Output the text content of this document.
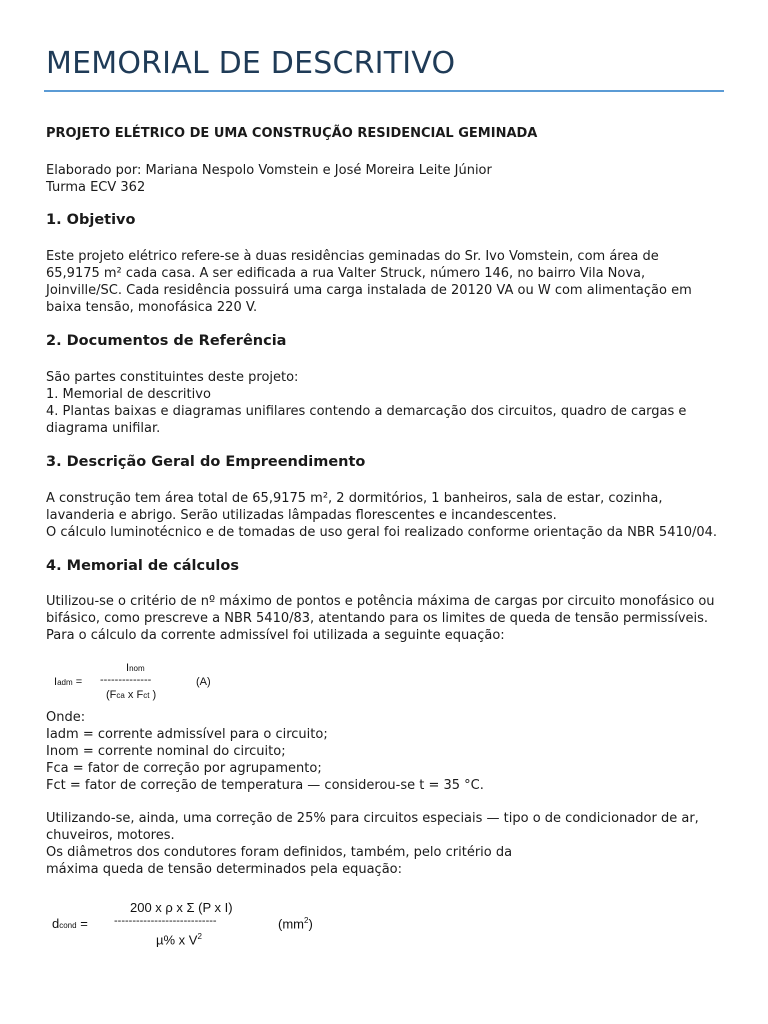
MEMORIAL DE DESCRITIVO
PROJETO ELÉTRICO DE UMA CONSTRUÇÃO RESIDENCIAL GEMINADA
Elaborado por: Mariana Nespolo Vomstein e José Moreira Leite Júnior
Turma ECV 362
1. Objetivo
Este projeto elétrico refere-se à duas residências geminadas do Sr. Ivo Vomstein, com área de
65,9175 m² cada casa. A ser edificada a rua Valter Struck, número 146, no bairro Vila Nova,
Joinville/SC. Cada residência possuirá uma carga instalada de 20120 VA ou W com alimentação em
baixa tensão, monofásica 220 V.
2. Documentos de Referência
São partes constituintes deste projeto:
1. Memorial de descritivo
4. Plantas baixas e diagramas unifilares contendo a demarcação dos circuitos, quadro de cargas e
diagrama unifilar.
3. Descrição Geral do Empreendimento
A construção tem área total de 65,9175 m², 2 dormitórios, 1 banheiros, sala de estar, cozinha,
lavanderia e abrigo. Serão utilizadas lâmpadas florescentes e incandescentes.
O cálculo luminotécnico e de tomadas de uso geral foi realizado conforme orientação da NBR 5410/04.
4. Memorial de cálculos
Utilizou-se o critério de nº máximo de pontos e potência máxima de cargas por circuito monofásico ou
bifásico, como prescreve a NBR 5410/83, atentando para os limites de queda de tensão permissíveis.
Para o cálculo da corrente admissível foi utilizada a seguinte equação:
Inom
Iadm = --------------	(A)
(Fca x Fct )
Onde:
Iadm = corrente admissível para o circuito;
Inom = corrente nominal do circuito;
Fca = fator de correção por agrupamento;
Fct = fator de correção de temperatura — considerou-se t = 35 °C.
Utilizando-se, ainda, uma correção de 25% para circuitos especiais — tipo o de condicionador de ar,
chuveiros, motores.
Os diâmetros dos condutores foram definidos, também, pelo critério da
máxima queda de tensão determinados pela equação:
200 x ρ x Σ (P x I)
dcond = ----------------------------	$(mm^2)$
µ% x $V^2$
